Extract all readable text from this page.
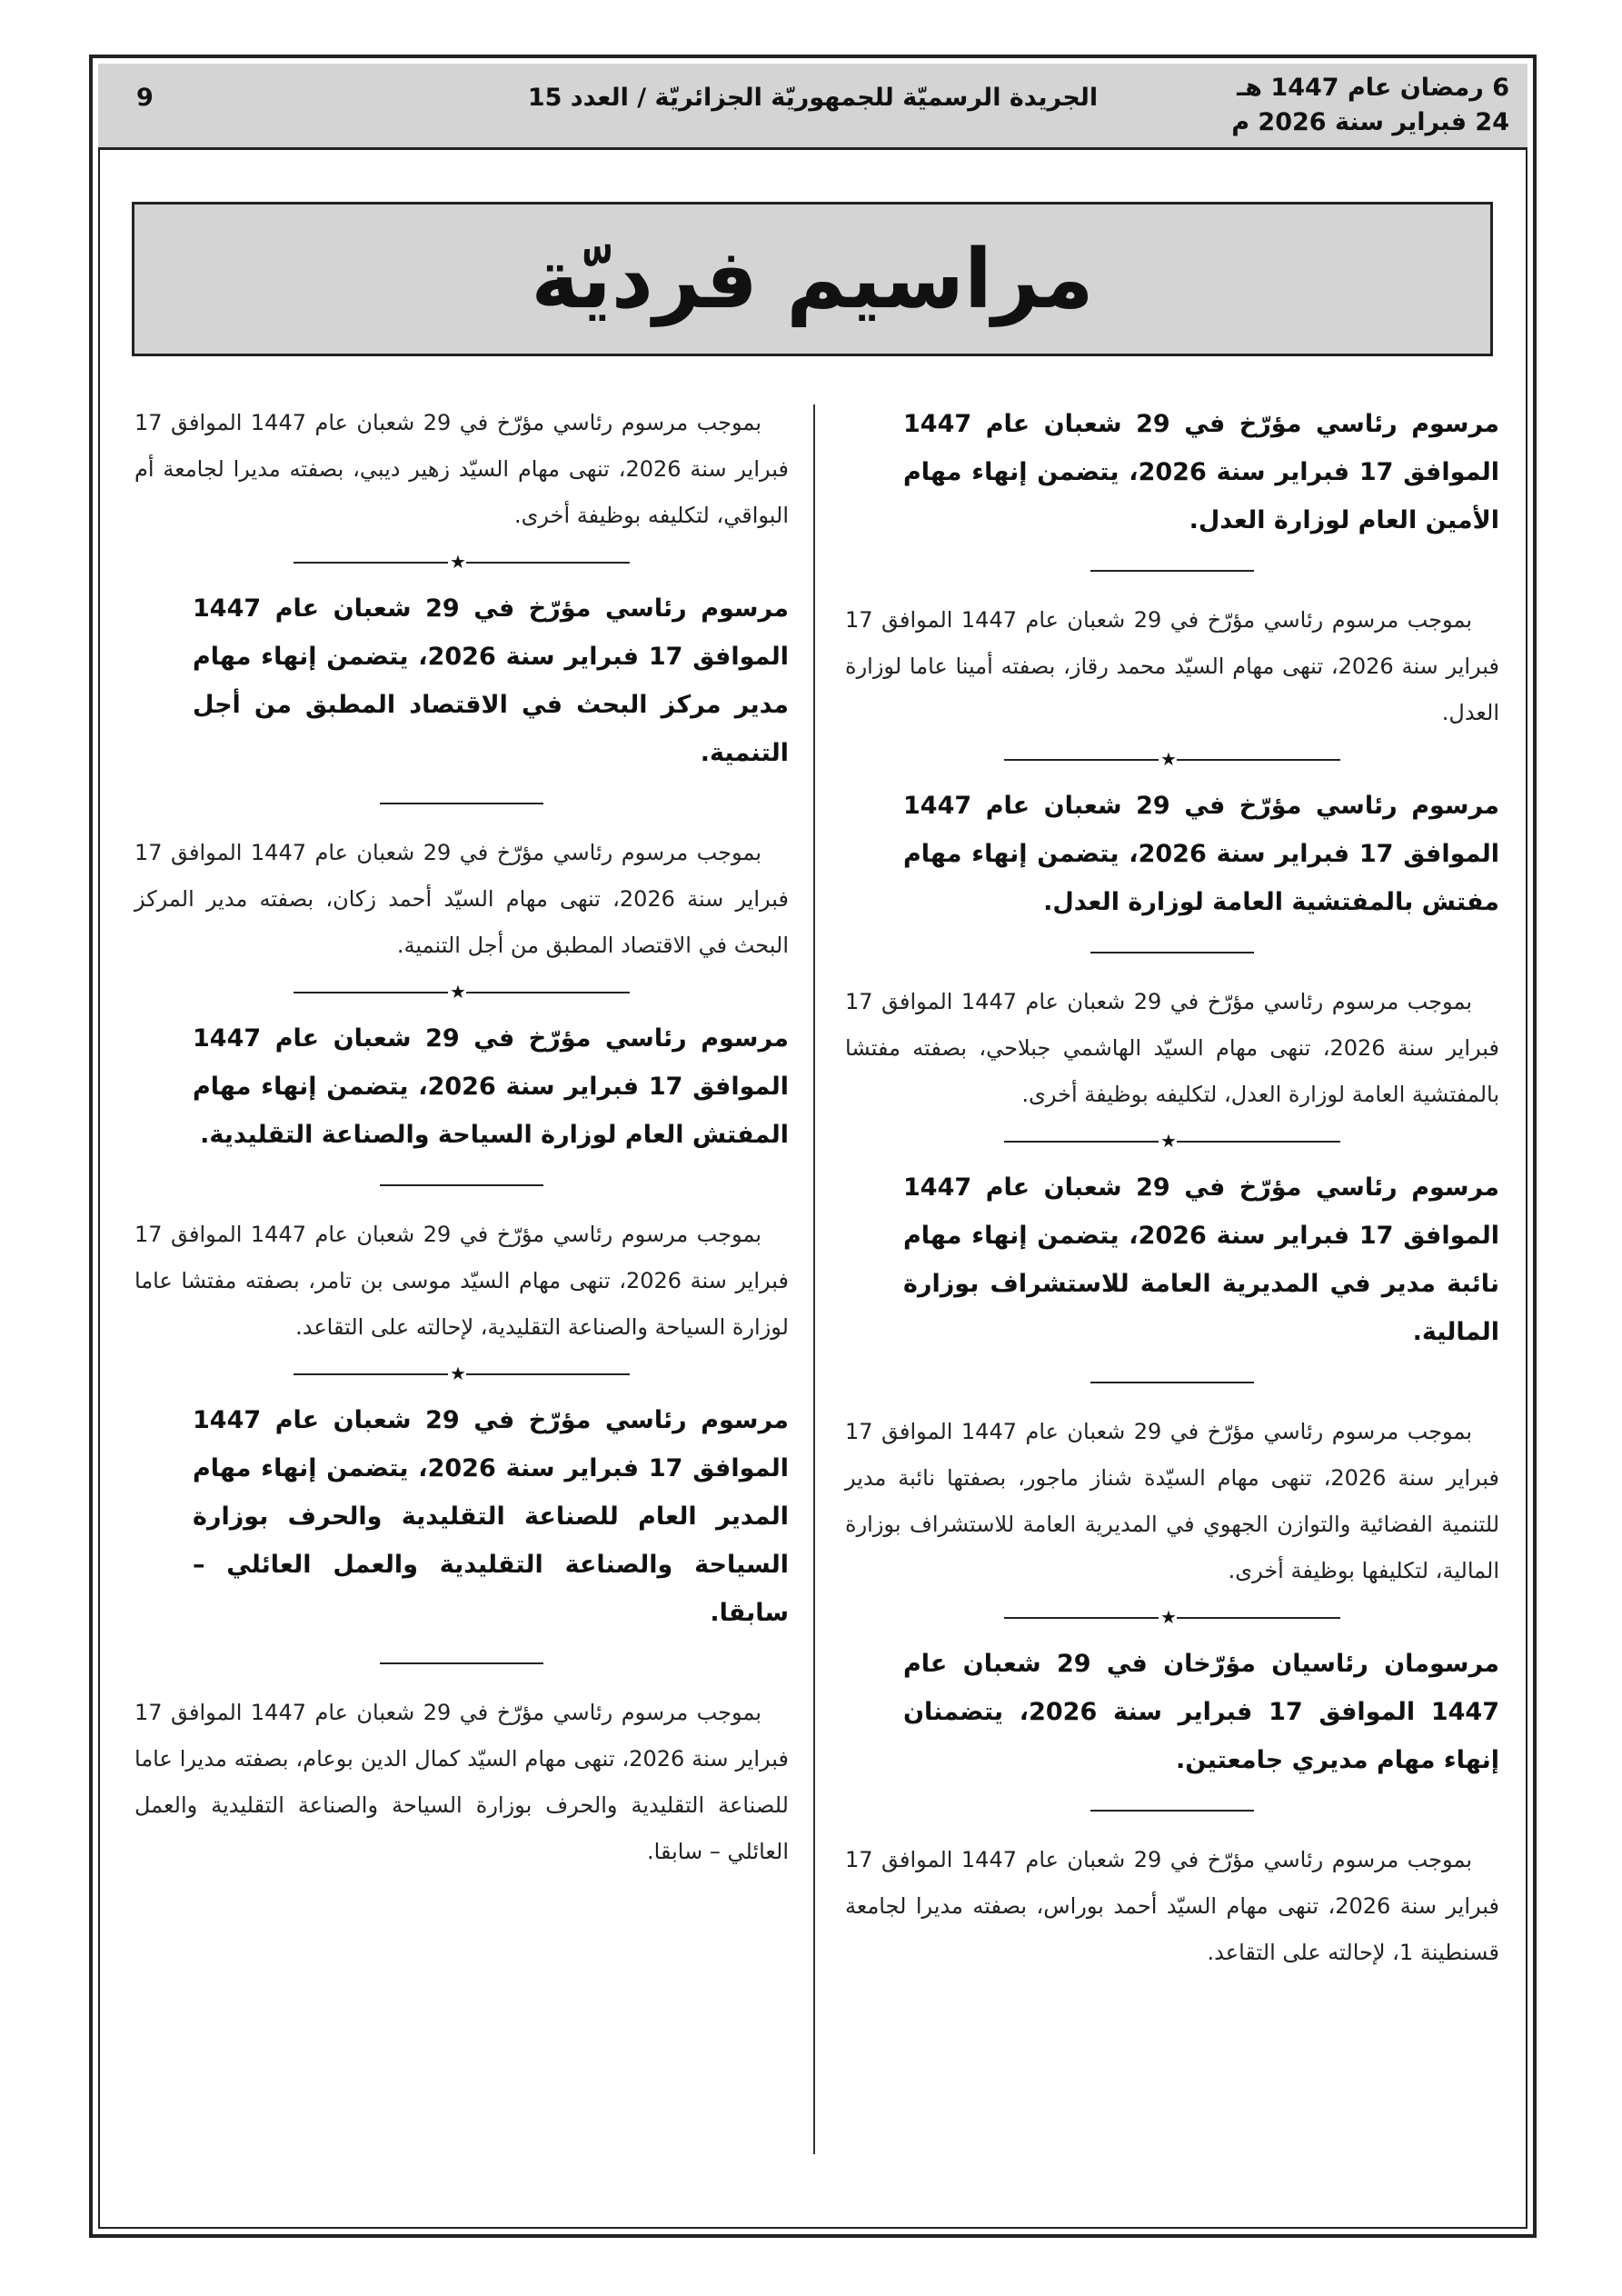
6 رمضان عام 1447 هـ
24 فبراير سنة 2026 م
الجريدة الرسميّة للجمهوريّة الجزائريّة / العدد 15
9
مراسيم فرديّة

مرسوم رئاسي مؤرّخ في 29 شعبان عام 1447 الموافق 17 فبراير سنة 2026، يتضمن إنهاء مهام الأمين العام لوزارة العدل.

بموجب مرسوم رئاسي مؤرّخ في 29 شعبان عام 1447 الموافق 17 فبراير سنة 2026، تنهى مهام السيّد محمد رقاز، بصفته أمينا عاما لوزارة العدل.

★

مرسوم رئاسي مؤرّخ في 29 شعبان عام 1447 الموافق 17 فبراير سنة 2026، يتضمن إنهاء مهام مفتش بالمفتشية العامة لوزارة العدل.

بموجب مرسوم رئاسي مؤرّخ في 29 شعبان عام 1447 الموافق 17 فبراير سنة 2026، تنهى مهام السيّد الهاشمي جبلاحي، بصفته مفتشا بالمفتشية العامة لوزارة العدل، لتكليفه بوظيفة أخرى.

★

مرسوم رئاسي مؤرّخ في 29 شعبان عام 1447 الموافق 17 فبراير سنة 2026، يتضمن إنهاء مهام نائبة مدير في المديرية العامة للاستشراف بوزارة المالية.

بموجب مرسوم رئاسي مؤرّخ في 29 شعبان عام 1447 الموافق 17 فبراير سنة 2026، تنهى مهام السيّدة شناز ماجور، بصفتها نائبة مدير للتنمية الفضائية والتوازن الجهوي في المديرية العامة للاستشراف بوزارة المالية، لتكليفها بوظيفة أخرى.

★

مرسومان رئاسيان مؤرّخان في 29 شعبان عام 1447 الموافق 17 فبراير سنة 2026، يتضمنان إنهاء مهام مديري جامعتين.

بموجب مرسوم رئاسي مؤرّخ في 29 شعبان عام 1447 الموافق 17 فبراير سنة 2026، تنهى مهام السيّد أحمد بوراس، بصفته مديرا لجامعة قسنطينة 1، لإحالته على التقاعد.

بموجب مرسوم رئاسي مؤرّخ في 29 شعبان عام 1447 الموافق 17 فبراير سنة 2026، تنهى مهام السيّد زهير ديبي، بصفته مديرا لجامعة أم البواقي، لتكليفه بوظيفة أخرى.

★

مرسوم رئاسي مؤرّخ في 29 شعبان عام 1447 الموافق 17 فبراير سنة 2026، يتضمن إنهاء مهام مدير مركز البحث في الاقتصاد المطبق من أجل التنمية.

بموجب مرسوم رئاسي مؤرّخ في 29 شعبان عام 1447 الموافق 17 فبراير سنة 2026، تنهى مهام السيّد أحمد زكان، بصفته مدير المركز البحث في الاقتصاد المطبق من أجل التنمية.

★

مرسوم رئاسي مؤرّخ في 29 شعبان عام 1447 الموافق 17 فبراير سنة 2026، يتضمن إنهاء مهام المفتش العام لوزارة السياحة والصناعة التقليدية.

بموجب مرسوم رئاسي مؤرّخ في 29 شعبان عام 1447 الموافق 17 فبراير سنة 2026، تنهى مهام السيّد موسى بن تامر، بصفته مفتشا عاما لوزارة السياحة والصناعة التقليدية، لإحالته على التقاعد.

★

مرسوم رئاسي مؤرّخ في 29 شعبان عام 1447 الموافق 17 فبراير سنة 2026، يتضمن إنهاء مهام المدير العام للصناعة التقليدية والحرف بوزارة السياحة والصناعة التقليدية والعمل العائلي – سابقا.

بموجب مرسوم رئاسي مؤرّخ في 29 شعبان عام 1447 الموافق 17 فبراير سنة 2026، تنهى مهام السيّد كمال الدين بوعام، بصفته مديرا عاما للصناعة التقليدية والحرف بوزارة السياحة والصناعة التقليدية والعمل العائلي – سابقا.
